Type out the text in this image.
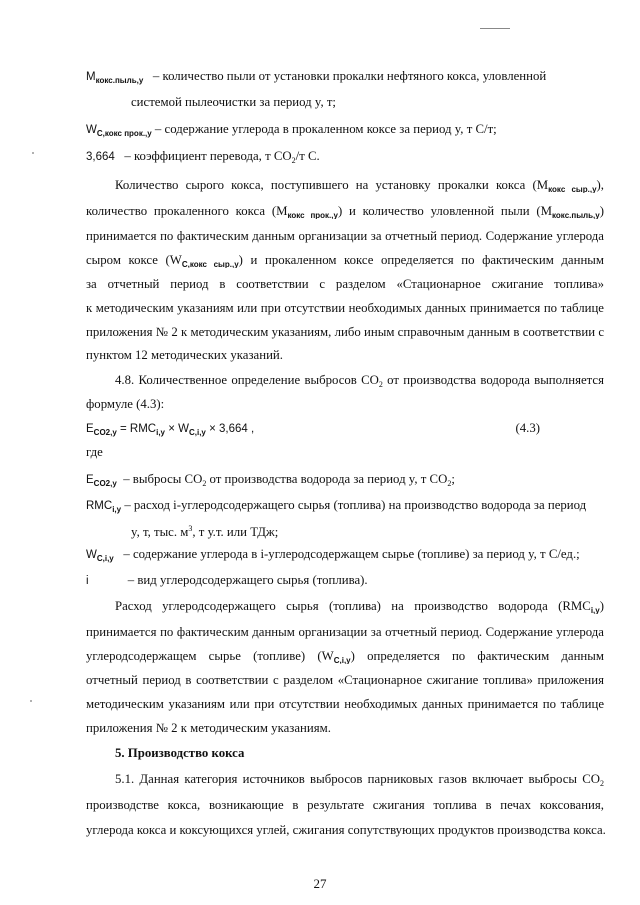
$M_{кокс.пыль,у}$ – количество пыли от установки прокалки нефтяного кокса, уловленной
системой пылеочистки за период y, т;
$W_{C,кокс прок.,у}$ – содержание углерода в прокаленном коксе за период y, т С/т;
3,664 – коэффициент перевода, т $СО_2/т$ С.
Количество сырого кокса, поступившего на установку прокалки кокса $(M_{кокс сыр.,у})$,
количество прокаленного кокса $(M_{кокс прок.,у})$ и количество уловленной пыли $(M_{кокс.пыль,у})$
принимается по фактическим данным организации за отчетный период. Содержание углерода
сыром коксе $(W_{C,кокс сыр.,у})$ и прокаленном коксе определяется по фактическим данным
за отчетный период в соответствии с разделом «Стационарное сжигание топлива»
к методическим указаниям или при отсутствии необходимых данных принимается по таблице
приложения № 2 к методическим указаниям, либо иным справочным данным в соответствии с
пунктом 12 методических указаний.
4.8. Количественное определение выбросов $СО_2$ от производства водорода выполняется
формуле (4.3):
$E_{CO2,y} = RMC_{i,y} \times W_{C,i,y} \times 3,664$ ,	(4.3)
где
$E_{CO2,y}$ – выбросы $СО_2$ от производства водорода за период y, т $СО_2$;
$RMC_{i,y}$ – расход i-углеродсодержащего сырья (топлива) на производство водорода за период
y, т, тыс. $м^3$, т у.т. или ТДж;
$W_{C,i,y}$ – содержание углерода в i-углеродсодержащем сырье (топливе) за период y, т С/ед.;
i	– вид углеродсодержащего сырья (топлива).
Расход углеродсодержащего сырья (топлива) на производство водорода $(RMC_{i,y})$
принимается по фактическим данным организации за отчетный период. Содержание углерода
углеродсодержащем сырье (топливе) $(W_{C,i,y})$ определяется по фактическим данным
отчетный период в соответствии с разделом «Стационарное сжигание топлива» приложения
методическим указаниям или при отсутствии необходимых данных принимается по таблице
приложения № 2 к методическим указаниям.
5. Производство кокса
5.1. Данная категория источников выбросов парниковых газов включает выбросы $СО_2$
производстве кокса, возникающие в результате сжигания топлива в печах коксования,
углерода кокса и коксующихся углей, сжигания сопутствующих продуктов производства кокса.
27
